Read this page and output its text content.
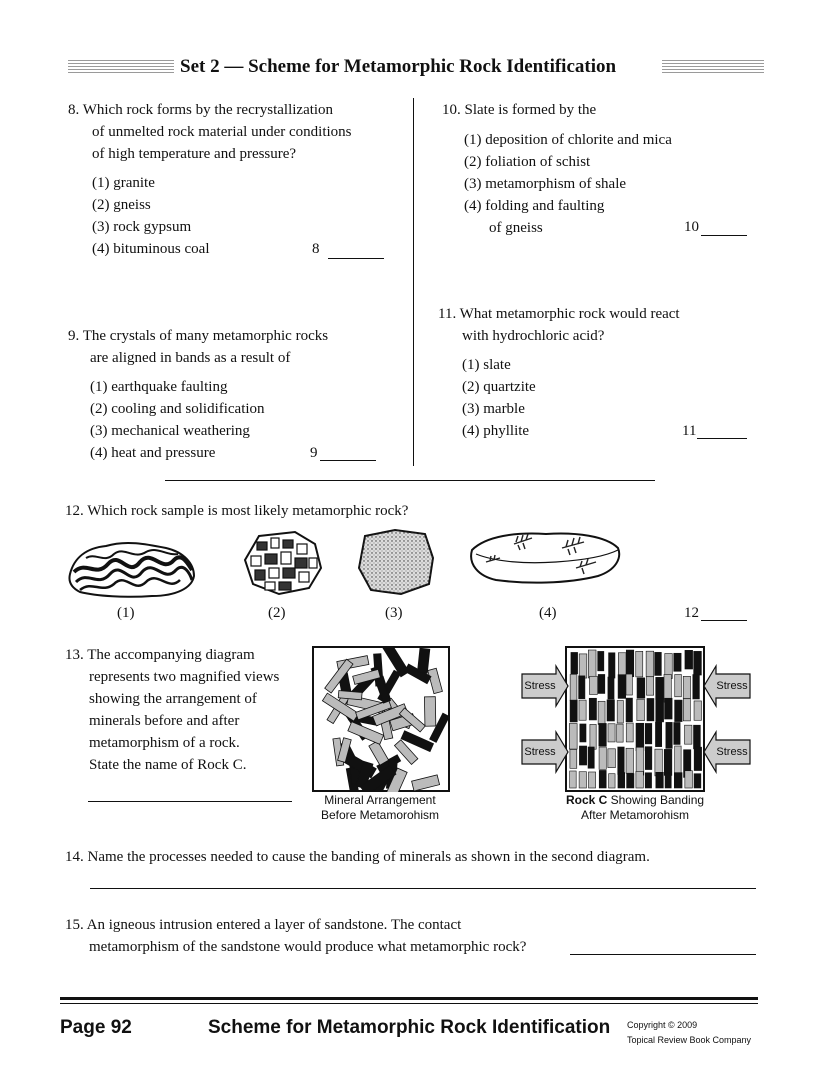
Set 2 — Scheme for Metamorphic Rock Identification
8. Which rock forms by the recrystallization
of unmelted rock material under conditions
of high temperature and pressure?
(1) granite
(2) gneiss
(3) rock gypsum
(4) bituminous coal	8
9. The crystals of many metamorphic rocks
are aligned in bands as a result of
(1) earthquake faulting
(2) cooling and solidification
(3) mechanical weathering
(4) heat and pressure	9
10. Slate is formed by the
(1) deposition of chlorite and mica
(2) foliation of schist
(3) metamorphism of shale
(4) folding and faulting
of gneiss	10
11. What metamorphic rock would react
with hydrochloric acid?
(1) slate
(2) quartzite
(3) marble
(4) phyllite	11
12. Which rock sample is most likely metamorphic rock?
(1)	(2)	(3)	(4)	12
13. The accompanying diagram
represents two magnified views
showing the arrangement of
minerals before and after
metamorphism of a rock.
State the name of Rock C.
Mineral Arrangement
Before Metamorohism
Stress
Stress
Stress
Stress
Rock C Showing Banding
After Metamorohism
14. Name the processes needed to cause the banding of minerals as shown in the second diagram.
15. An igneous intrusion entered a layer of sandstone. The contact
metamorphism of the sandstone would produce what metamorphic rock?
Page 92	Scheme for Metamorphic Rock Identification Copyright © 2009
Topical Review Book Company
